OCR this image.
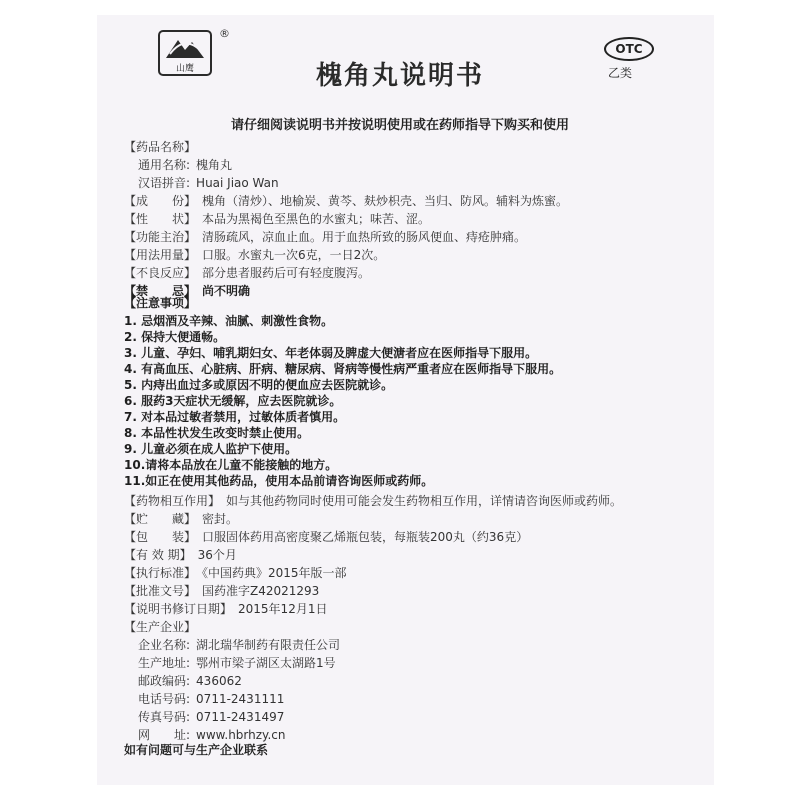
山鹰
®
槐角丸说明书
OTC
乙类
请仔细阅读说明书并按说明使用或在药师指导下购买和使用
【药品名称】
通用名称: 槐角丸
汉语拼音: Huai Jiao Wan
【成　　份】 槐角（清炒）、地榆炭、黄芩、麸炒枳壳、当归、防风。辅料为炼蜜。
【性　　状】 本品为黑褐色至黑色的水蜜丸；味苦、涩。
【功能主治】 清肠疏风，凉血止血。用于血热所致的肠风便血、痔疮肿痛。
【用法用量】 口服。水蜜丸一次6克，一日2次。
【不良反应】 部分患者服药后可有轻度腹泻。
【禁　　忌】 尚不明确
【注意事项】
1. 忌烟酒及辛辣、油腻、刺激性食物。
2. 保持大便通畅。
3. 儿童、孕妇、哺乳期妇女、年老体弱及脾虚大便溏者应在医师指导下服用。
4. 有高血压、心脏病、肝病、糖尿病、肾病等慢性病严重者应在医师指导下服用。
5. 内痔出血过多或原因不明的便血应去医院就诊。
6. 服药3天症状无缓解，应去医院就诊。
7. 对本品过敏者禁用，过敏体质者慎用。
8. 本品性状发生改变时禁止使用。
9. 儿童必须在成人监护下使用。
10.请将本品放在儿童不能接触的地方。
11.如正在使用其他药品，使用本品前请咨询医师或药师。
【药物相互作用】 如与其他药物同时使用可能会发生药物相互作用，详情请咨询医师或药师。
【贮　　藏】 密封。
【包　　装】 口服固体药用高密度聚乙烯瓶包装，每瓶装200丸（约36克）
【有 效 期】 36个月
【执行标准】 《中国药典》2015年版一部
【批准文号】 国药准字Z42021293
【说明书修订日期】 2015年12月1日
【生产企业】
企业名称: 湖北瑞华制药有限责任公司
生产地址: 鄂州市梁子湖区太湖路1号
邮政编码: 436062
电话号码: 0711-2431111
如有问题可与生产企业联系
传真号码: 0711-2431497
网　　址: www.hbrhzy.cn
